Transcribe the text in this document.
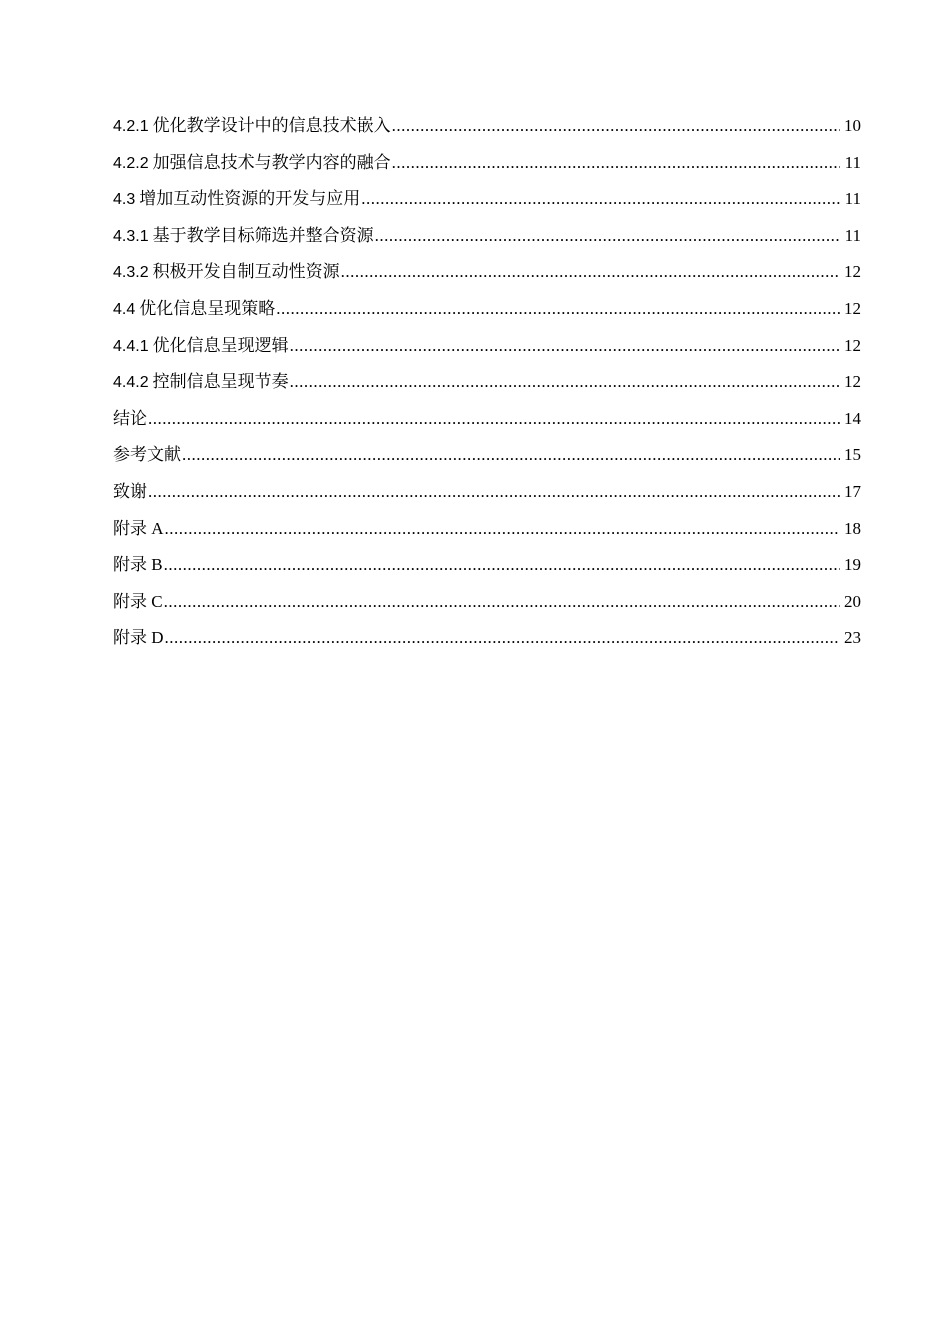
4.2.1 优化教学设计中的信息技术嵌入 .....	10
4.2.2 加强信息技术与教学内容的融合 .....	11
4.3 增加互动性资源的开发与应用 .....	11
4.3.1 基于教学目标筛选并整合资源 .....	11
4.3.2 积极开发自制互动性资源 .....	12
4.4 优化信息呈现策略 .....	12
4.4.1 优化信息呈现逻辑 .....	12
4.4.2 控制信息呈现节奏 .....	12
结论 .....	14
参考文献 .....	15
致谢 .....	17
附录 A .....	18
附录 B .....	19
附录 C .....	20
附录 D .....	23
